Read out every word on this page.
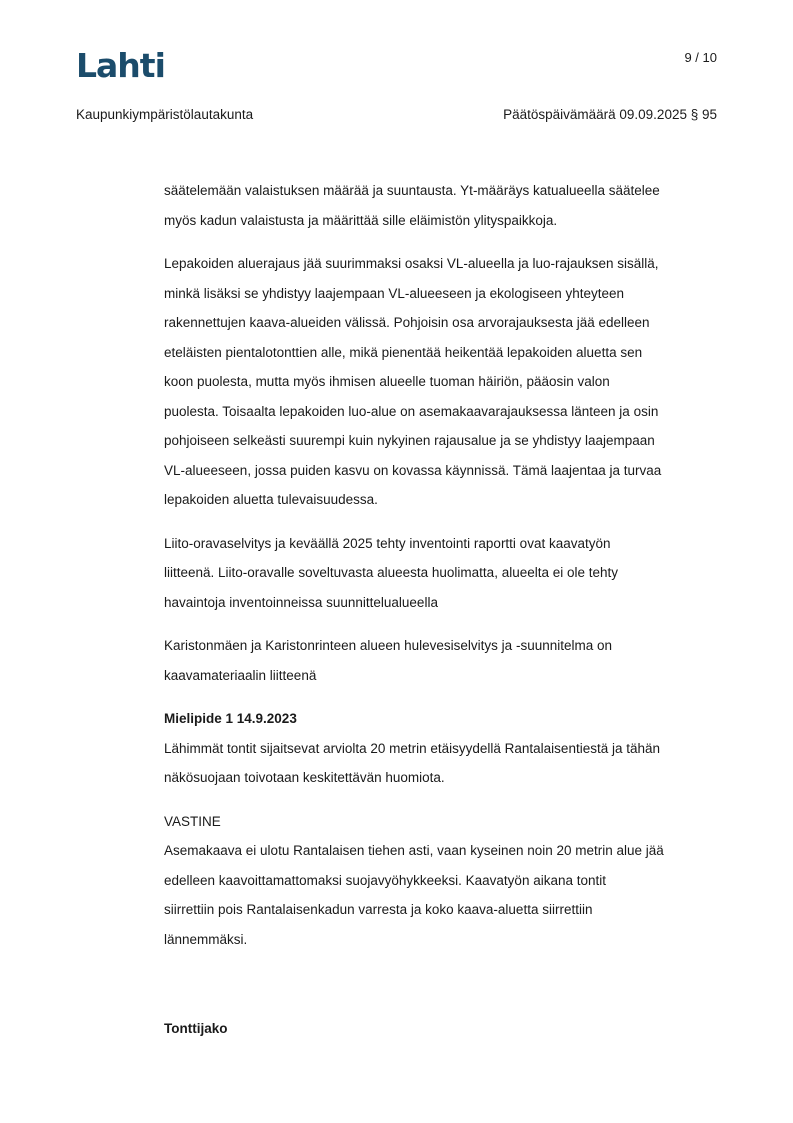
Lahti	9 / 10
Kaupunkiympäristölautakunta	Päätöspäivämäärä 09.09.2025 § 95
säätelemään valaistuksen määrää ja suuntausta. Yt-määräys katualueella säätelee
myös kadun valaistusta ja määrittää sille eläimistön ylityspaikkoja.
Lepakoiden aluerajaus jää suurimmaksi osaksi VL-alueella ja luo-rajauksen sisällä,
minkä lisäksi se yhdistyy laajempaan VL-alueeseen ja ekologiseen yhteyteen
rakennettujen kaava-alueiden välissä. Pohjoisin osa arvorajauksesta jää edelleen
eteläisten pientalotonttien alle, mikä pienentää heikentää lepakoiden aluetta sen
koon puolesta, mutta myös ihmisen alueelle tuoman häiriön, pääosin valon
puolesta. Toisaalta lepakoiden luo-alue on asemakaavarajauksessa länteen ja osin
pohjoiseen selkeästi suurempi kuin nykyinen rajausalue ja se yhdistyy laajempaan
VL-alueeseen, jossa puiden kasvu on kovassa käynnissä. Tämä laajentaa ja turvaa
lepakoiden aluetta tulevaisuudessa.
Liito-oravaselvitys ja keväällä 2025 tehty inventointi raportti ovat kaavatyön
liitteenä. Liito-oravalle soveltuvasta alueesta huolimatta, alueelta ei ole tehty
havaintoja inventoinneissa suunnittelualueella
Karistonmäen ja Karistonrinteen alueen hulevesiselvitys ja -suunnitelma on
kaavamateriaalin liitteenä
Mielipide 1 14.9.2023
Lähimmät tontit sijaitsevat arviolta 20 metrin etäisyydellä Rantalaisentiestä ja tähän
näkösuojaan toivotaan keskitettävän huomiota.
VASTINE
Asemakaava ei ulotu Rantalaisen tiehen asti, vaan kyseinen noin 20 metrin alue jää
edelleen kaavoittamattomaksi suojavyöhykkeeksi. Kaavatyön aikana tontit
siirrettiin pois Rantalaisenkadun varresta ja koko kaava-aluetta siirrettiin
lännemmäksi.
Tonttijako
